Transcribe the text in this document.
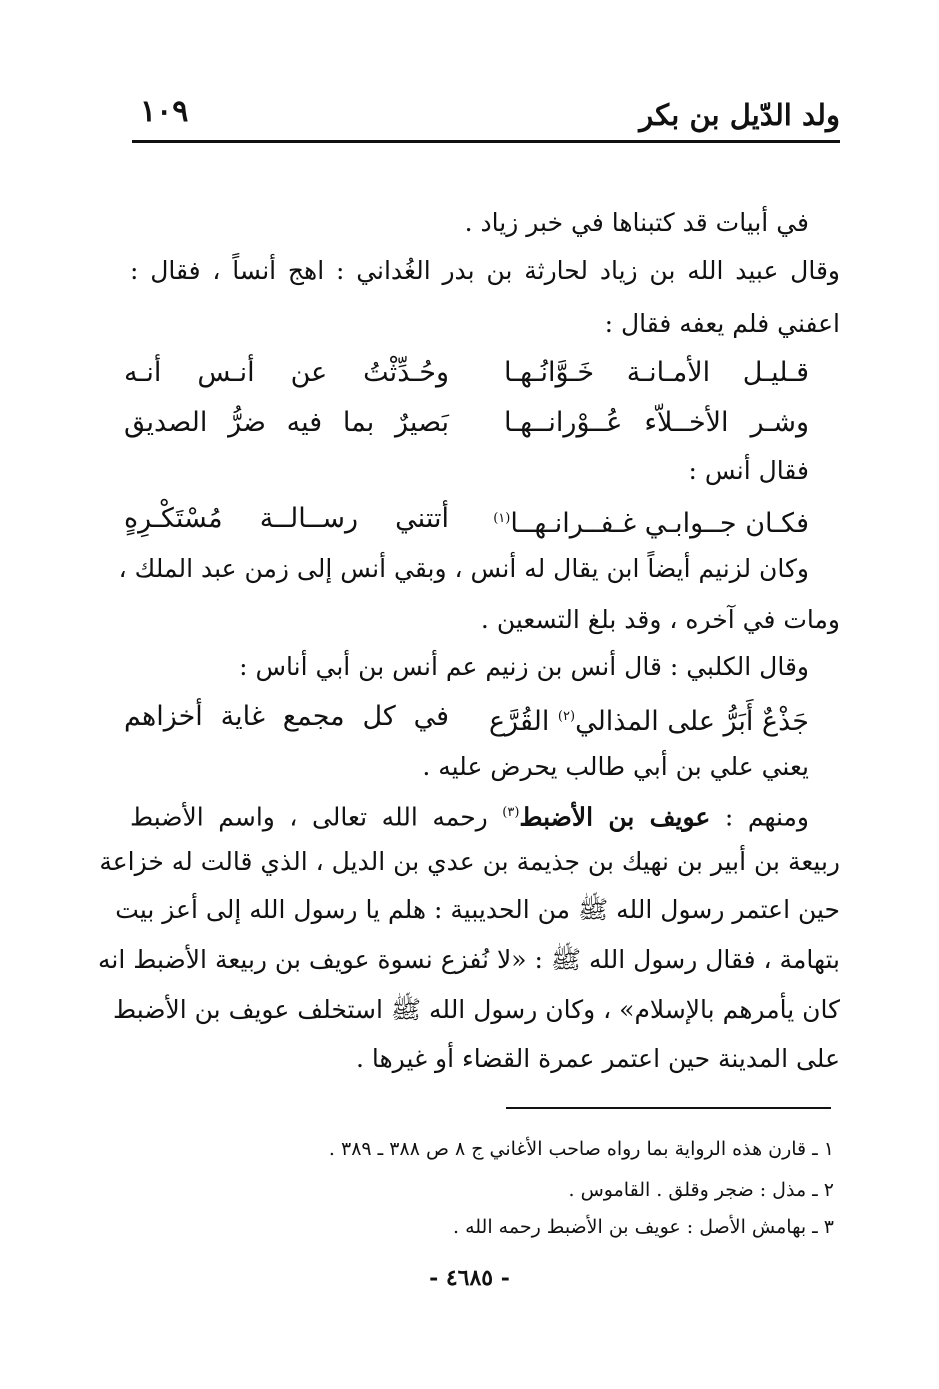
ولد الدّيل بن بكر
١٠٩
في أبيات قد كتبناها في خبر زياد .
وقال عبيد الله بن زياد لحارثة بن بدر الغُداني : اهج أنساً ، فقال :
اعفني فلم يعفه فقال :
وحُـدِّثْتُ عن أنـس أنـه قـليـل الأمـانـة خَـوَّانُـهـا
بَصيرٌ بما فيه ضرُّ الصديق وشـر الأخــلاّء عُــوْرانــهـا
فقال أنس :
أتتني رســالــة مُسْتَكْـرِهٍ فكـان جــوابـي غـفــرانـهــا$^{(١)}$
وكان لزنيم أيضاً ابن يقال له أنس ، وبقي أنس إلى زمن عبد الملك ،
ومات في آخره ، وقد بلغ التسعين .
وقال الكلبي : قال أنس بن زنيم عم أنس بن أبي أناس :
في كل مجمع غاية أخزاهم	جَذْعٌ أَبَرُّ على المذالي$^{(٢)}$ القُرَّع
يعني علي بن أبي طالب يحرض عليه .
ومنهم : عويف بن الأضبط$^{(٣)}$ رحمه الله تعالى ، واسم الأضبط
ربيعة بن أبير بن نهيك بن جذيمة بن عدي بن الديل ، الذي قالت له خزاعة
حين اعتمر رسول الله ﷺ من الحديبية : هلم يا رسول الله إلى أعز بيت
بتهامة ، فقال رسول الله ﷺ : «لا نُفزع نسوة عويف بن ربيعة الأضبط انه
كان يأمرهم بالإسلام» ، وكان رسول الله ﷺ استخلف عويف بن الأضبط
على المدينة حين اعتمر عمرة القضاء أو غيرها .
١ ـ قارن هذه الرواية بما رواه صاحب الأغاني ج ٨ ص ٣٨٨ ـ ٣٨٩ .
٢ ـ مذل : ضجر وقلق . القاموس .
٣ ـ بهامش الأصل : عويف بن الأضبط رحمه الله .
- ٤٦٨٥ -
